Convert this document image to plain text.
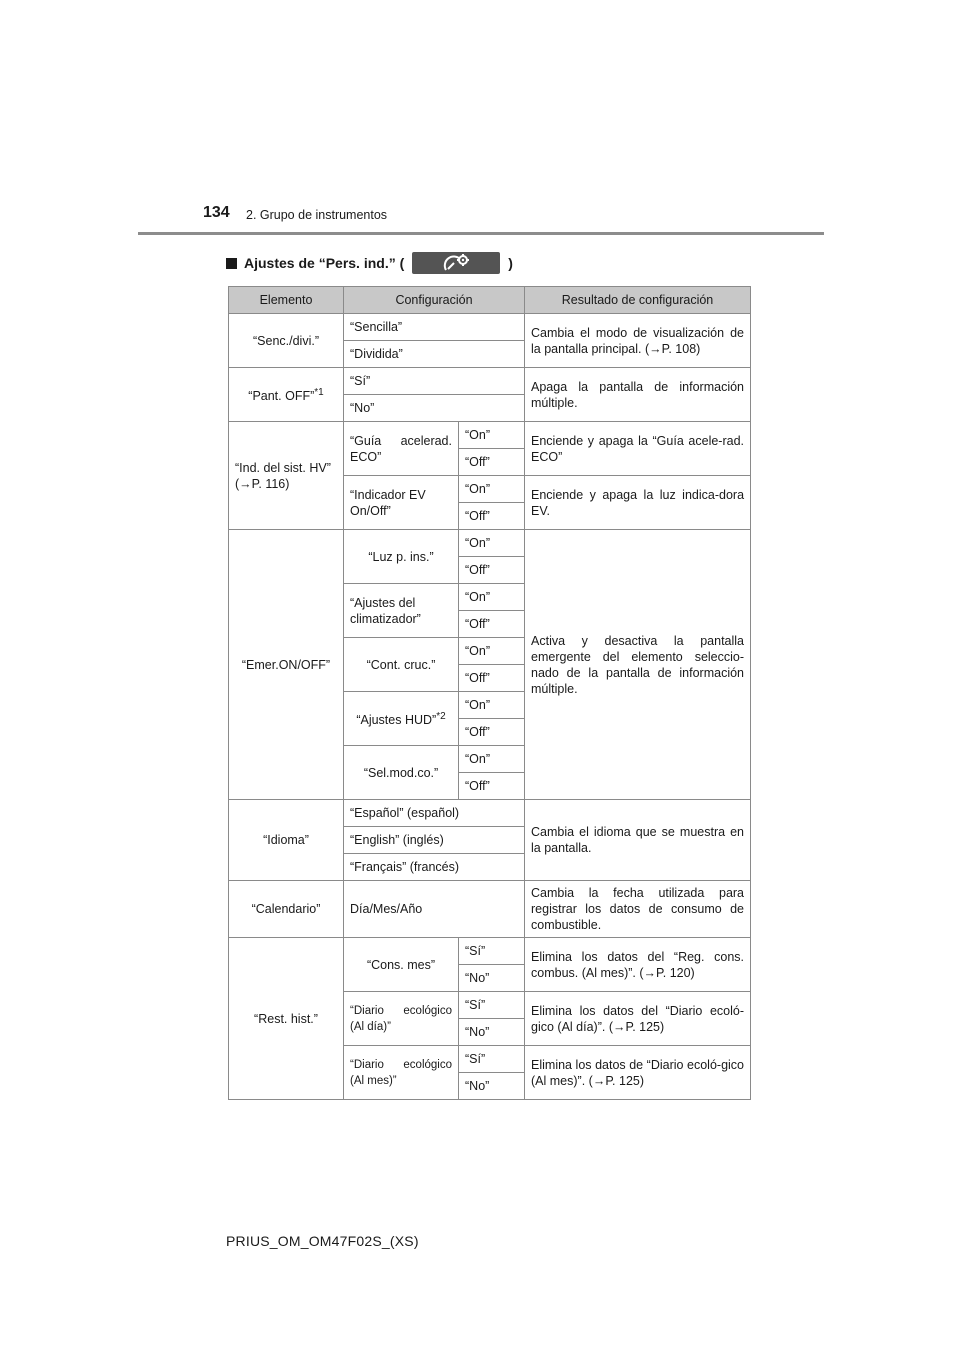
134 2. Grupo de instrumentos
Ajustes de “Pers. ind.” (	)
Elemento	Configuración		Resultado de configuración
“Senc./divi.”	“Sencilla”		Cambia el modo de visualización de la pantalla principal. (→P. 108)
	“Dividida”		
“Pant. OFF”$^{*1}$	“Sí”		Apaga la pantalla de información múltiple.
	“No”		
“Ind. del sist. HV” (→P. 116)	“Guía acelerad. ECO”	“On”	Enciende y apaga la “Guía acele-rad. ECO”
		“Off”	
	“Indicador EV On/Off”	“On”	Enciende y apaga la luz indica-dora EV.
		“Off”	
“Emer.ON/OFF”	“Luz p. ins.”	“On”	Activa y desactiva la pantalla emergente del elemento seleccio-nado de la pantalla de información múltiple.
		“Off”	
	“Ajustes del climatizador”	“On”	
		“Off”	
	“Cont. cruc.”	“On”	
		“Off”	
	“Ajustes HUD”$^{*2}$	“On”	
		“Off”	
	“Sel.mod.co.”	“On”	
		“Off”	
“Idioma”	“Español” (español)		Cambia el idioma que se muestra en la pantalla.
	“English” (inglés)		
	“Français” (francés)		
“Calendario”	Día/Mes/Año		Cambia la fecha utilizada para registrar los datos de consumo de combustible.
“Rest. hist.”	“Cons. mes”	“Sí”	Elimina los datos del “Reg. cons. combus. (Al mes)”. (→P. 120)
		“No”	
	“Diario ecológico (Al día)”	“Sí”	Elimina los datos del “Diario ecoló-gico (Al día)”. (→P. 125)
		“No”	
	“Diario ecológico (Al mes)”	“Sí”	Elimina los datos de “Diario ecoló-gico (Al mes)”. (→P. 125)
		“No”	
PRIUS_OM_OM47F02S_(XS)
